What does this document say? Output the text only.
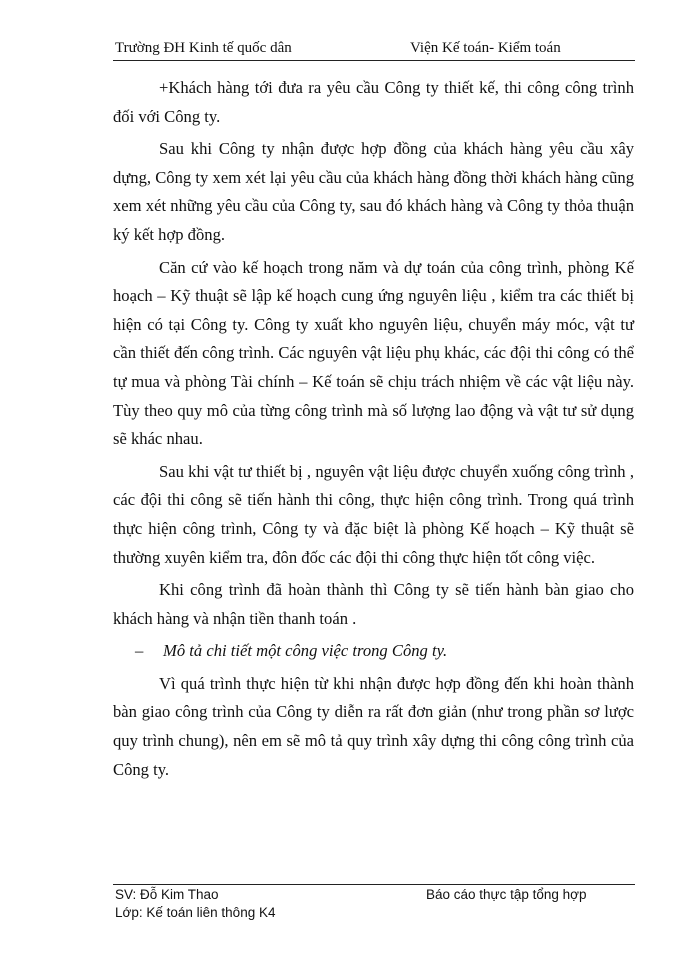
Trường ĐH Kinh tế quốc dân	Viện Kế toán- Kiểm toán

+Khách hàng tới đưa ra yêu cầu Công ty thiết kế, thi công công trình đối với Công ty.

Sau khi Công ty nhận được hợp đồng của khách hàng yêu cầu xây dựng, Công ty xem xét lại yêu cầu của khách hàng đồng thời khách hàng cũng xem xét những yêu cầu của Công ty, sau đó khách hàng và Công ty thỏa thuận ký kết hợp đồng.

Căn cứ vào kế hoạch trong năm và dự toán của công trình, phòng Kế hoạch – Kỹ thuật sẽ lập kế hoạch cung ứng nguyên liệu , kiểm tra các thiết bị hiện có tại Công ty. Công ty xuất kho nguyên liệu, chuyển máy móc, vật tư cần thiết đến công trình. Các nguyên vật liệu phụ khác, các đội thi công có thể tự mua và phòng Tài chính – Kế toán sẽ chịu trách nhiệm về các vật liệu này. Tùy theo quy mô của từng công trình mà số lượng lao động và vật tư sử dụng sẽ khác nhau.

Sau khi vật tư thiết bị , nguyên vật liệu được chuyển xuống công trình , các đội thi công sẽ tiến hành thi công, thực hiện công trình. Trong quá trình thực hiện công trình, Công ty và đặc biệt là phòng Kế hoạch – Kỹ thuật sẽ thường xuyên kiểm tra, đôn đốc các đội thi công thực hiện tốt công việc.

Khi công trình đã hoàn thành thì Công ty sẽ tiến hành bàn giao cho khách hàng và nhận tiền thanh toán .

– Mô tả chi tiết một công việc trong Công ty.

Vì quá trình thực hiện từ khi nhận được hợp đồng đến khi hoàn thành bàn giao công trình của Công ty diễn ra rất đơn giản (như trong phần sơ lược quy trình chung), nên em sẽ mô tả quy trình xây dựng thi công công trình của Công ty.

SV: Đỗ Kim Thao	Báo cáo thực tập tổng hợp
Lớp: Kế toán liên thông K4
